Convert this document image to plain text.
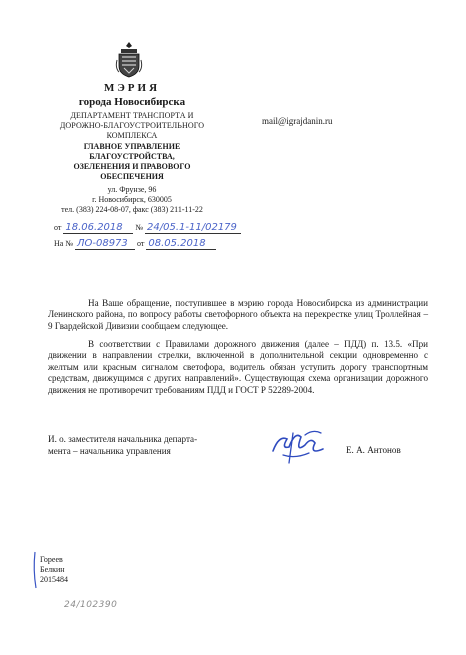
МЭРИЯ
города Новосибирска
ДЕПАРТАМЕНТ ТРАНСПОРТА И
ДОРОЖНО-БЛАГОУСТРОИТЕЛЬНОГО
КОМПЛЕКСА
ГЛАВНОЕ УПРАВЛЕНИЕ
БЛАГОУСТРОЙСТВА,
ОЗЕЛЕНЕНИЯ И ПРАВОВОГО
ОБЕСПЕЧЕНИЯ
ул. Фрунзе, 96
г. Новосибирск, 630005
тел. (383) 224-08-07, факс (383) 211-11-22
mail@igrajdanin.ru
от 18.06.2018 № 24/05.1-11/02179
На № ЛО-08973 от 08.05.2018
На Ваше обращение, поступившее в мэрию города Новосибирска из администрации Ленинского района, по вопросу работы светофорного объекта на перекрестке улиц Троллейная – 9 Гвардейской Дивизии сообщаем следующее.
В соответствии с Правилами дорожного движения (далее – ПДД) п. 13.5. «При движении в направлении стрелки, включенной в дополнительной секции одновременно с желтым или красным сигналом светофора, водитель обязан уступить дорогу транспортным средствам, движущимся с других направлений». Существующая схема организации дорожного движения не противоречит требованиям ПДД и ГОСТ Р 52289-2004.
И. о. заместителя начальника департа-
мента – начальника управления	Е. А. Антонов
Гореев
Белкин
2015484
24/102390
